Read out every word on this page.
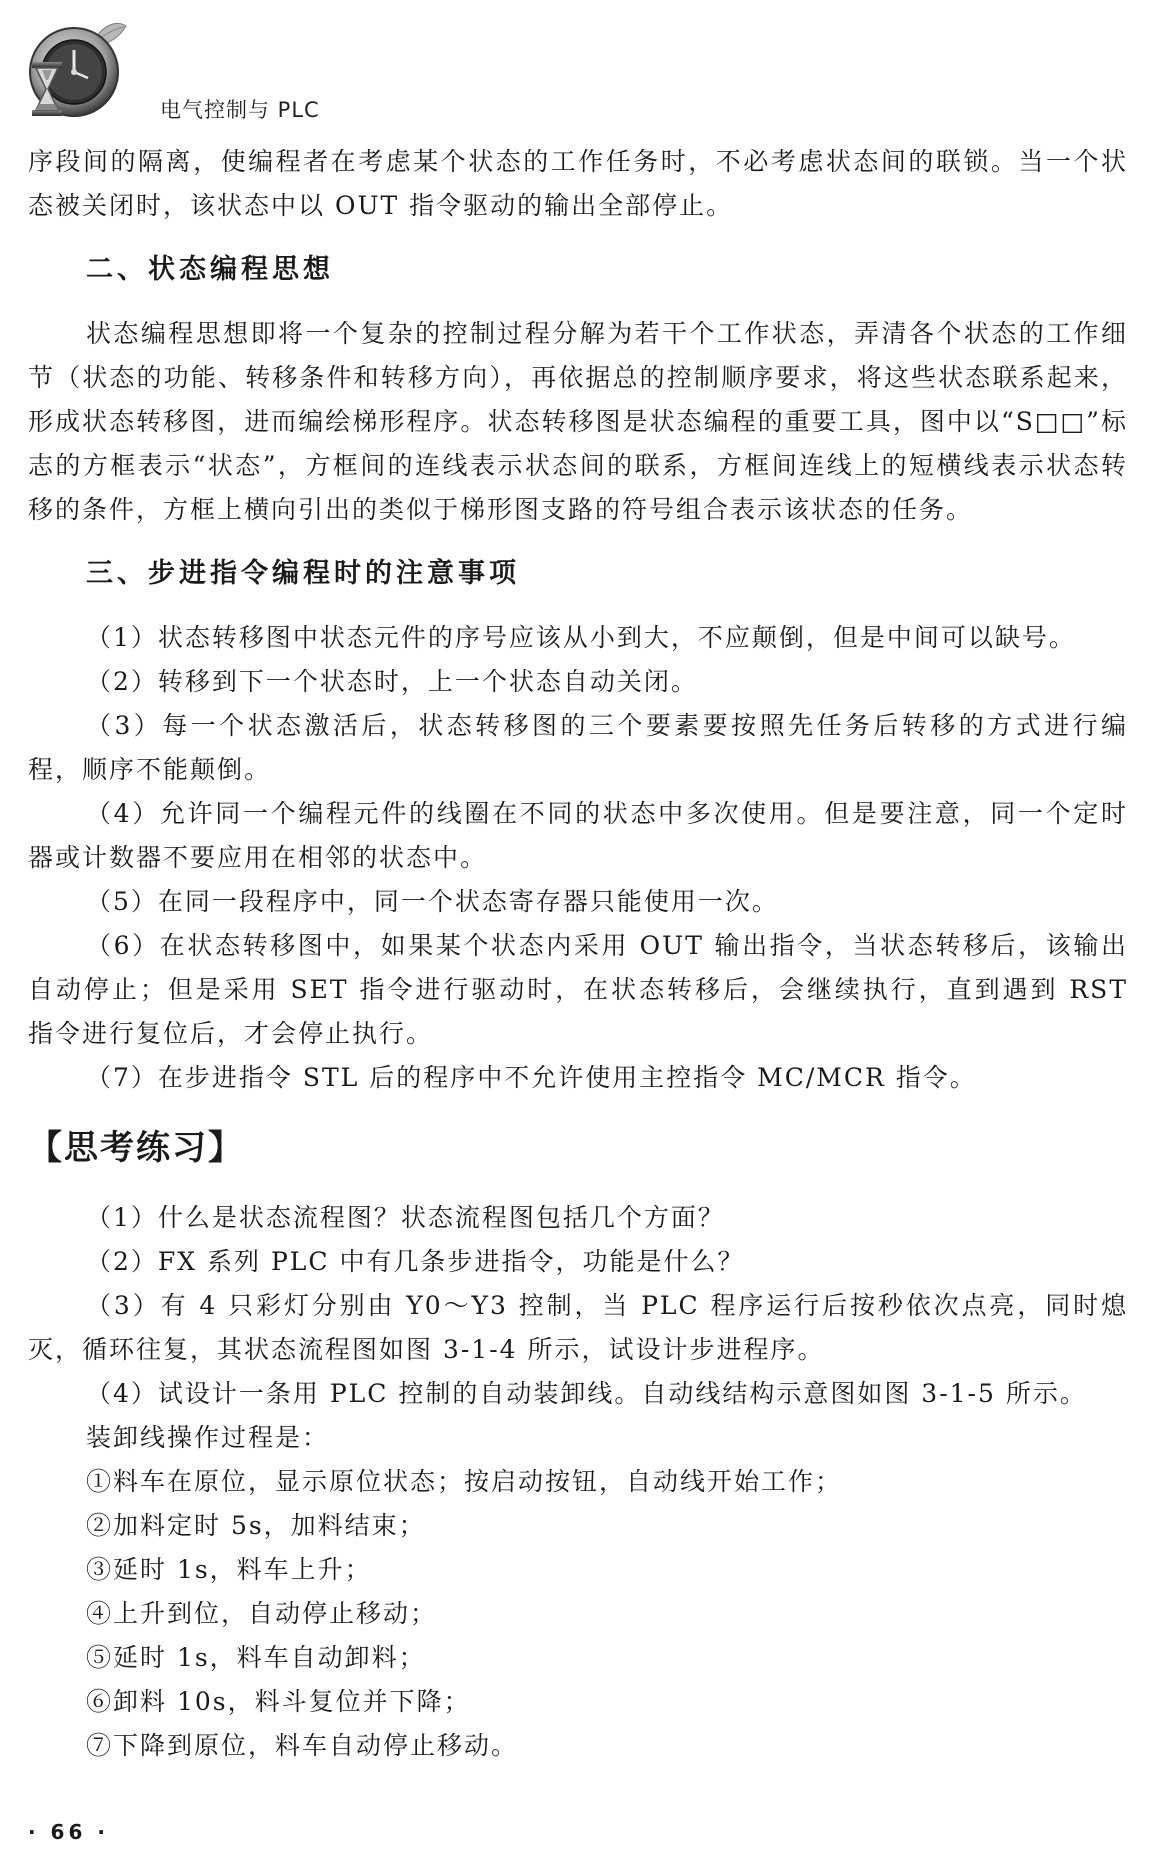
电气控制与 PLC

序段间的隔离，使编程者在考虑某个状态的工作任务时，不必考虑状态间的联锁。当一个状态被关闭时，该状态中以 OUT 指令驱动的输出全部停止。

二、状态编程思想

状态编程思想即将一个复杂的控制过程分解为若干个工作状态，弄清各个状态的工作细节（状态的功能、转移条件和转移方向），再依据总的控制顺序要求，将这些状态联系起来，形成状态转移图，进而编绘梯形程序。状态转移图是状态编程的重要工具，图中以“S□□”标志的方框表示“状态”，方框间的连线表示状态间的联系，方框间连线上的短横线表示状态转移的条件，方框上横向引出的类似于梯形图支路的符号组合表示该状态的任务。

三、步进指令编程时的注意事项

（1）状态转移图中状态元件的序号应该从小到大，不应颠倒，但是中间可以缺号。

（2）转移到下一个状态时，上一个状态自动关闭。

（3）每一个状态激活后，状态转移图的三个要素要按照先任务后转移的方式进行编程，顺序不能颠倒。

（4）允许同一个编程元件的线圈在不同的状态中多次使用。但是要注意，同一个定时器或计数器不要应用在相邻的状态中。

（5）在同一段程序中，同一个状态寄存器只能使用一次。

（6）在状态转移图中，如果某个状态内采用 OUT 输出指令，当状态转移后，该输出自动停止；但是采用 SET 指令进行驱动时，在状态转移后，会继续执行，直到遇到 RST 指令进行复位后，才会停止执行。

（7）在步进指令 STL 后的程序中不允许使用主控指令 MC/MCR 指令。

【思考练习】

（1）什么是状态流程图？状态流程图包括几个方面？

（2）FX 系列 PLC 中有几条步进指令，功能是什么？

（3）有 4 只彩灯分别由 Y0～Y3 控制，当 PLC 程序运行后按秒依次点亮，同时熄灭，循环往复，其状态流程图如图 3-1-4 所示，试设计步进程序。

（4）试设计一条用 PLC 控制的自动装卸线。自动线结构示意图如图 3-1-5 所示。

装卸线操作过程是：

①料车在原位，显示原位状态；按启动按钮，自动线开始工作；

②加料定时 5s，加料结束；

③延时 1s，料车上升；

④上升到位，自动停止移动；

⑤延时 1s，料车自动卸料；

⑥卸料 10s，料斗复位并下降；

⑦下降到原位，料车自动停止移动。

· 66 ·
